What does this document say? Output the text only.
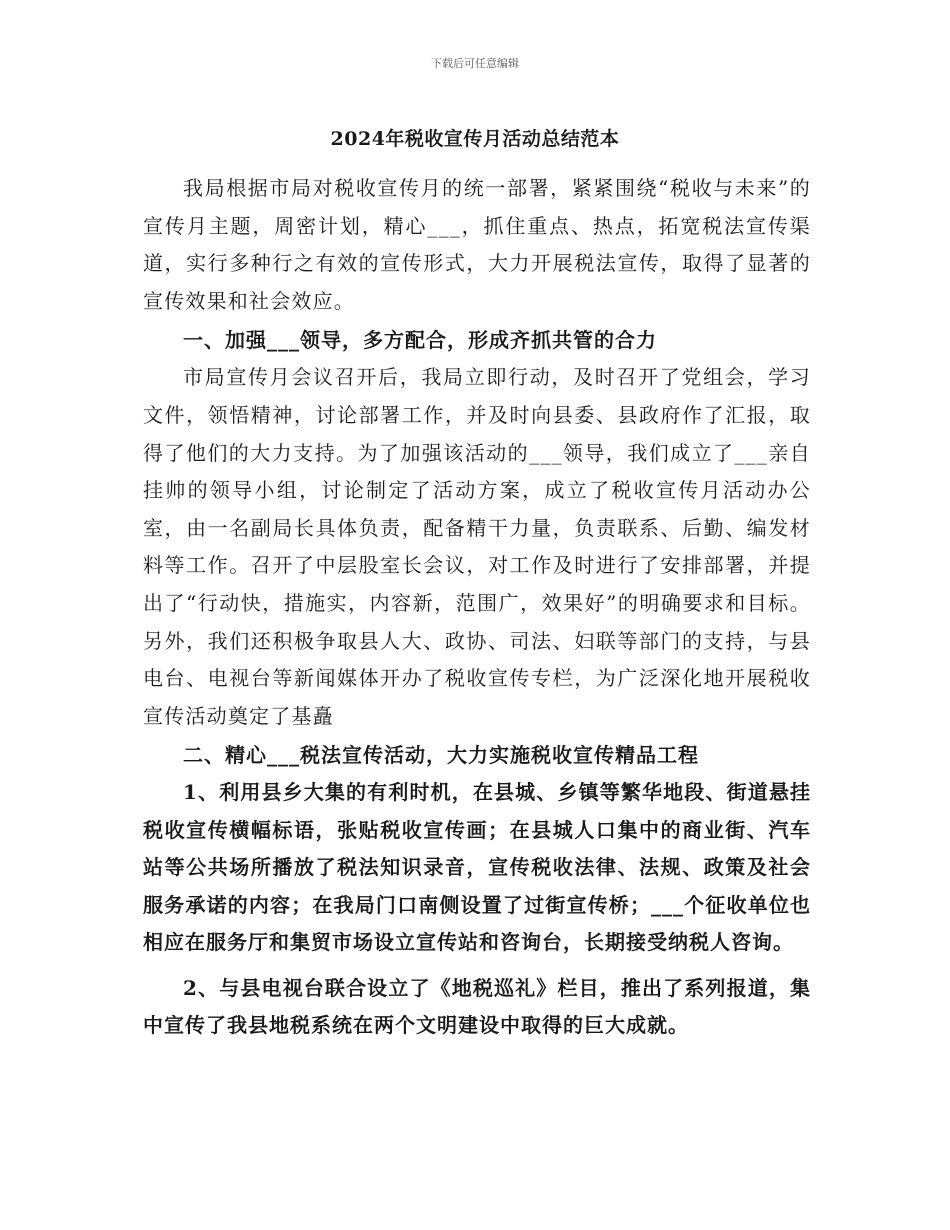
下载后可任意编辑
2024年税收宣传月活动总结范本

我局根据市局对税收宣传月的统一部署，紧紧围绕“税收与未来”的宣传月主题，周密计划，精心___，抓住重点、热点，拓宽税法宣传渠道，实行多种行之有效的宣传形式，大力开展税法宣传，取得了显著的宣传效果和社会效应。

一、加强___领导，多方配合，形成齐抓共管的合力

市局宣传月会议召开后，我局立即行动，及时召开了党组会，学习文件，领悟精神，讨论部署工作，并及时向县委、县政府作了汇报，取得了他们的大力支持。为了加强该活动的___领导，我们成立了___亲自挂帅的领导小组，讨论制定了活动方案，成立了税收宣传月活动办公室，由一名副局长具体负责，配备精干力量，负责联系、后勤、编发材料等工作。召开了中层股室长会议，对工作及时进行了安排部署，并提出了“行动快，措施实，内容新，范围广，效果好”的明确要求和目标。另外，我们还积极争取县人大、政协、司法、妇联等部门的支持，与县电台、电视台等新闻媒体开办了税收宣传专栏，为广泛深化地开展税收宣传活动奠定了基矗

二、精心___税法宣传活动，大力实施税收宣传精品工程

1、利用县乡大集的有利时机，在县城、乡镇等繁华地段、街道悬挂税收宣传横幅标语，张贴税收宣传画；在县城人口集中的商业街、汽车站等公共场所播放了税法知识录音，宣传税收法律、法规、政策及社会服务承诺的内容；在我局门口南侧设置了过街宣传桥；___个征收单位也相应在服务厅和集贸市场设立宣传站和咨询台，长期接受纳税人咨询。

2、与县电视台联合设立了《地税巡礼》栏目，推出了系列报道，集中宣传了我县地税系统在两个文明建设中取得的巨大成就。
